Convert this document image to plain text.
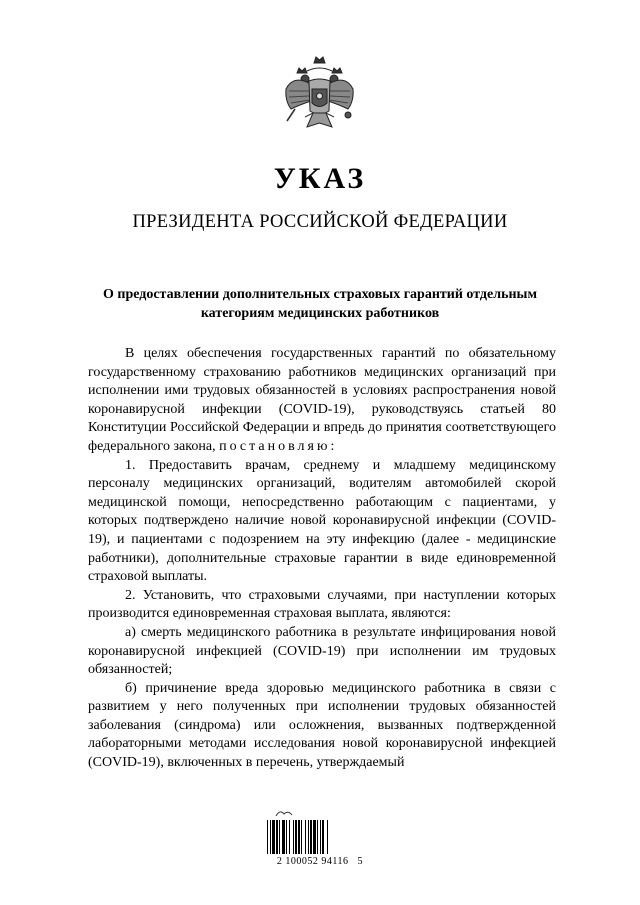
УКАЗ
ПРЕЗИДЕНТА РОССИЙСКОЙ ФЕДЕРАЦИИ
О предоставлении дополнительных страховых гарантий отдельным категориям медицинских работников

В целях обеспечения государственных гарантий по обязательному государственному страхованию работников медицинских организаций при исполнении ими трудовых обязанностей в условиях распространения новой коронавирусной инфекции (COVID-19), руководствуясь статьей 80 Конституции Российской Федерации и впредь до принятия соответствующего федерального закона, постановляю:

1. Предоставить врачам, среднему и младшему медицинскому персоналу медицинских организаций, водителям автомобилей скорой медицинской помощи, непосредственно работающим с пациентами, у которых подтверждено наличие новой коронавирусной инфекции (COVID-19), и пациентами с подозрением на эту инфекцию (далее - медицинские работники), дополнительные страховые гарантии в виде единовременной страховой выплаты.

2. Установить, что страховыми случаями, при наступлении которых производится единовременная страховая выплата, являются:

а) смерть медицинского работника в результате инфицирования новой коронавирусной инфекцией (COVID-19) при исполнении им трудовых обязанностей;

б) причинение вреда здоровью медицинского работника в связи с развитием у него полученных при исполнении трудовых обязанностей заболевания (синдрома) или осложнения, вызванных подтвержденной лабораторными методами исследования новой коронавирусной инфекцией (COVID-19), включенных в перечень, утверждаемый

2 100052 94116   5
